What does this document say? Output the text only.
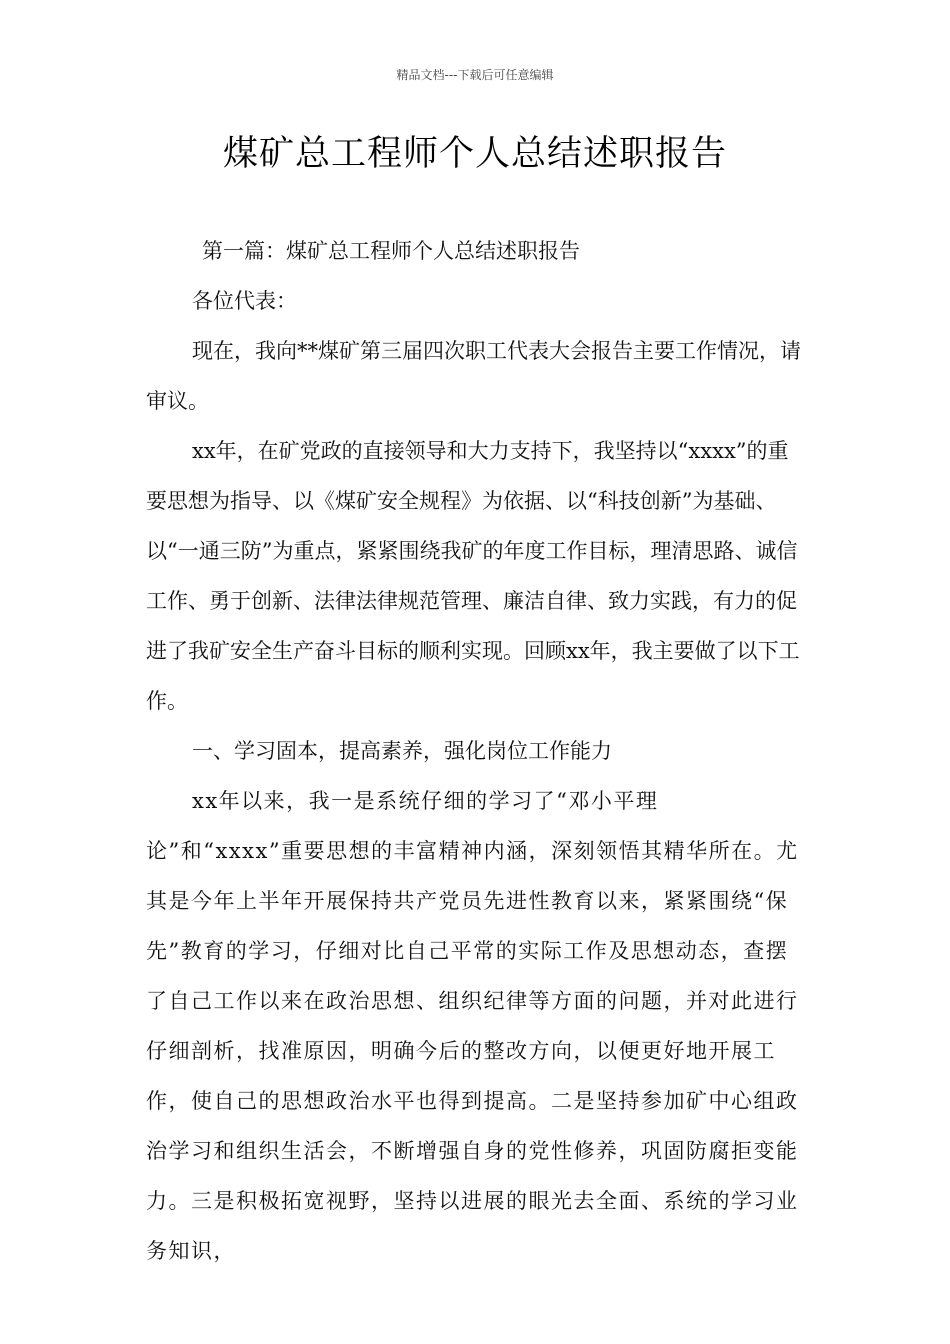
精品文档---下载后可任意编辑
煤矿总工程师个人总结述职报告

第一篇：煤矿总工程师个人总结述职报告

各位代表：

现在，我向**煤矿第三届四次职工代表大会报告主要工作情况，请审议。

xx年，在矿党政的直接领导和大力支持下，我坚持以“xxxx”的重要思想为指导、以《煤矿安全规程》为依据、以“科技创新”为基础、以“一通三防”为重点，紧紧围绕我矿的年度工作目标，理清思路、诚信工作、勇于创新、法律法律规范管理、廉洁自律、致力实践，有力的促进了我矿安全生产奋斗目标的顺利实现。回顾xx年，我主要做了以下工作。

一、学习固本，提高素养，强化岗位工作能力

xx年以来，我一是系统仔细的学习了“邓小平理论”和“xxxx”重要思想的丰富精神内涵，深刻领悟其精华所在。尤其是今年上半年开展保持共产党员先进性教育以来，紧紧围绕“保先”教育的学习，仔细对比自己平常的实际工作及思想动态，查摆了自己工作以来在政治思想、组织纪律等方面的问题，并对此进行仔细剖析，找准原因，明确今后的整改方向，以便更好地开展工作，使自己的思想政治水平也得到提高。二是坚持参加矿中心组政治学习和组织生活会，不断增强自身的党性修养，巩固防腐拒变能力。三是积极拓宽视野，坚持以进展的眼光去全面、系统的学习业务知识，
